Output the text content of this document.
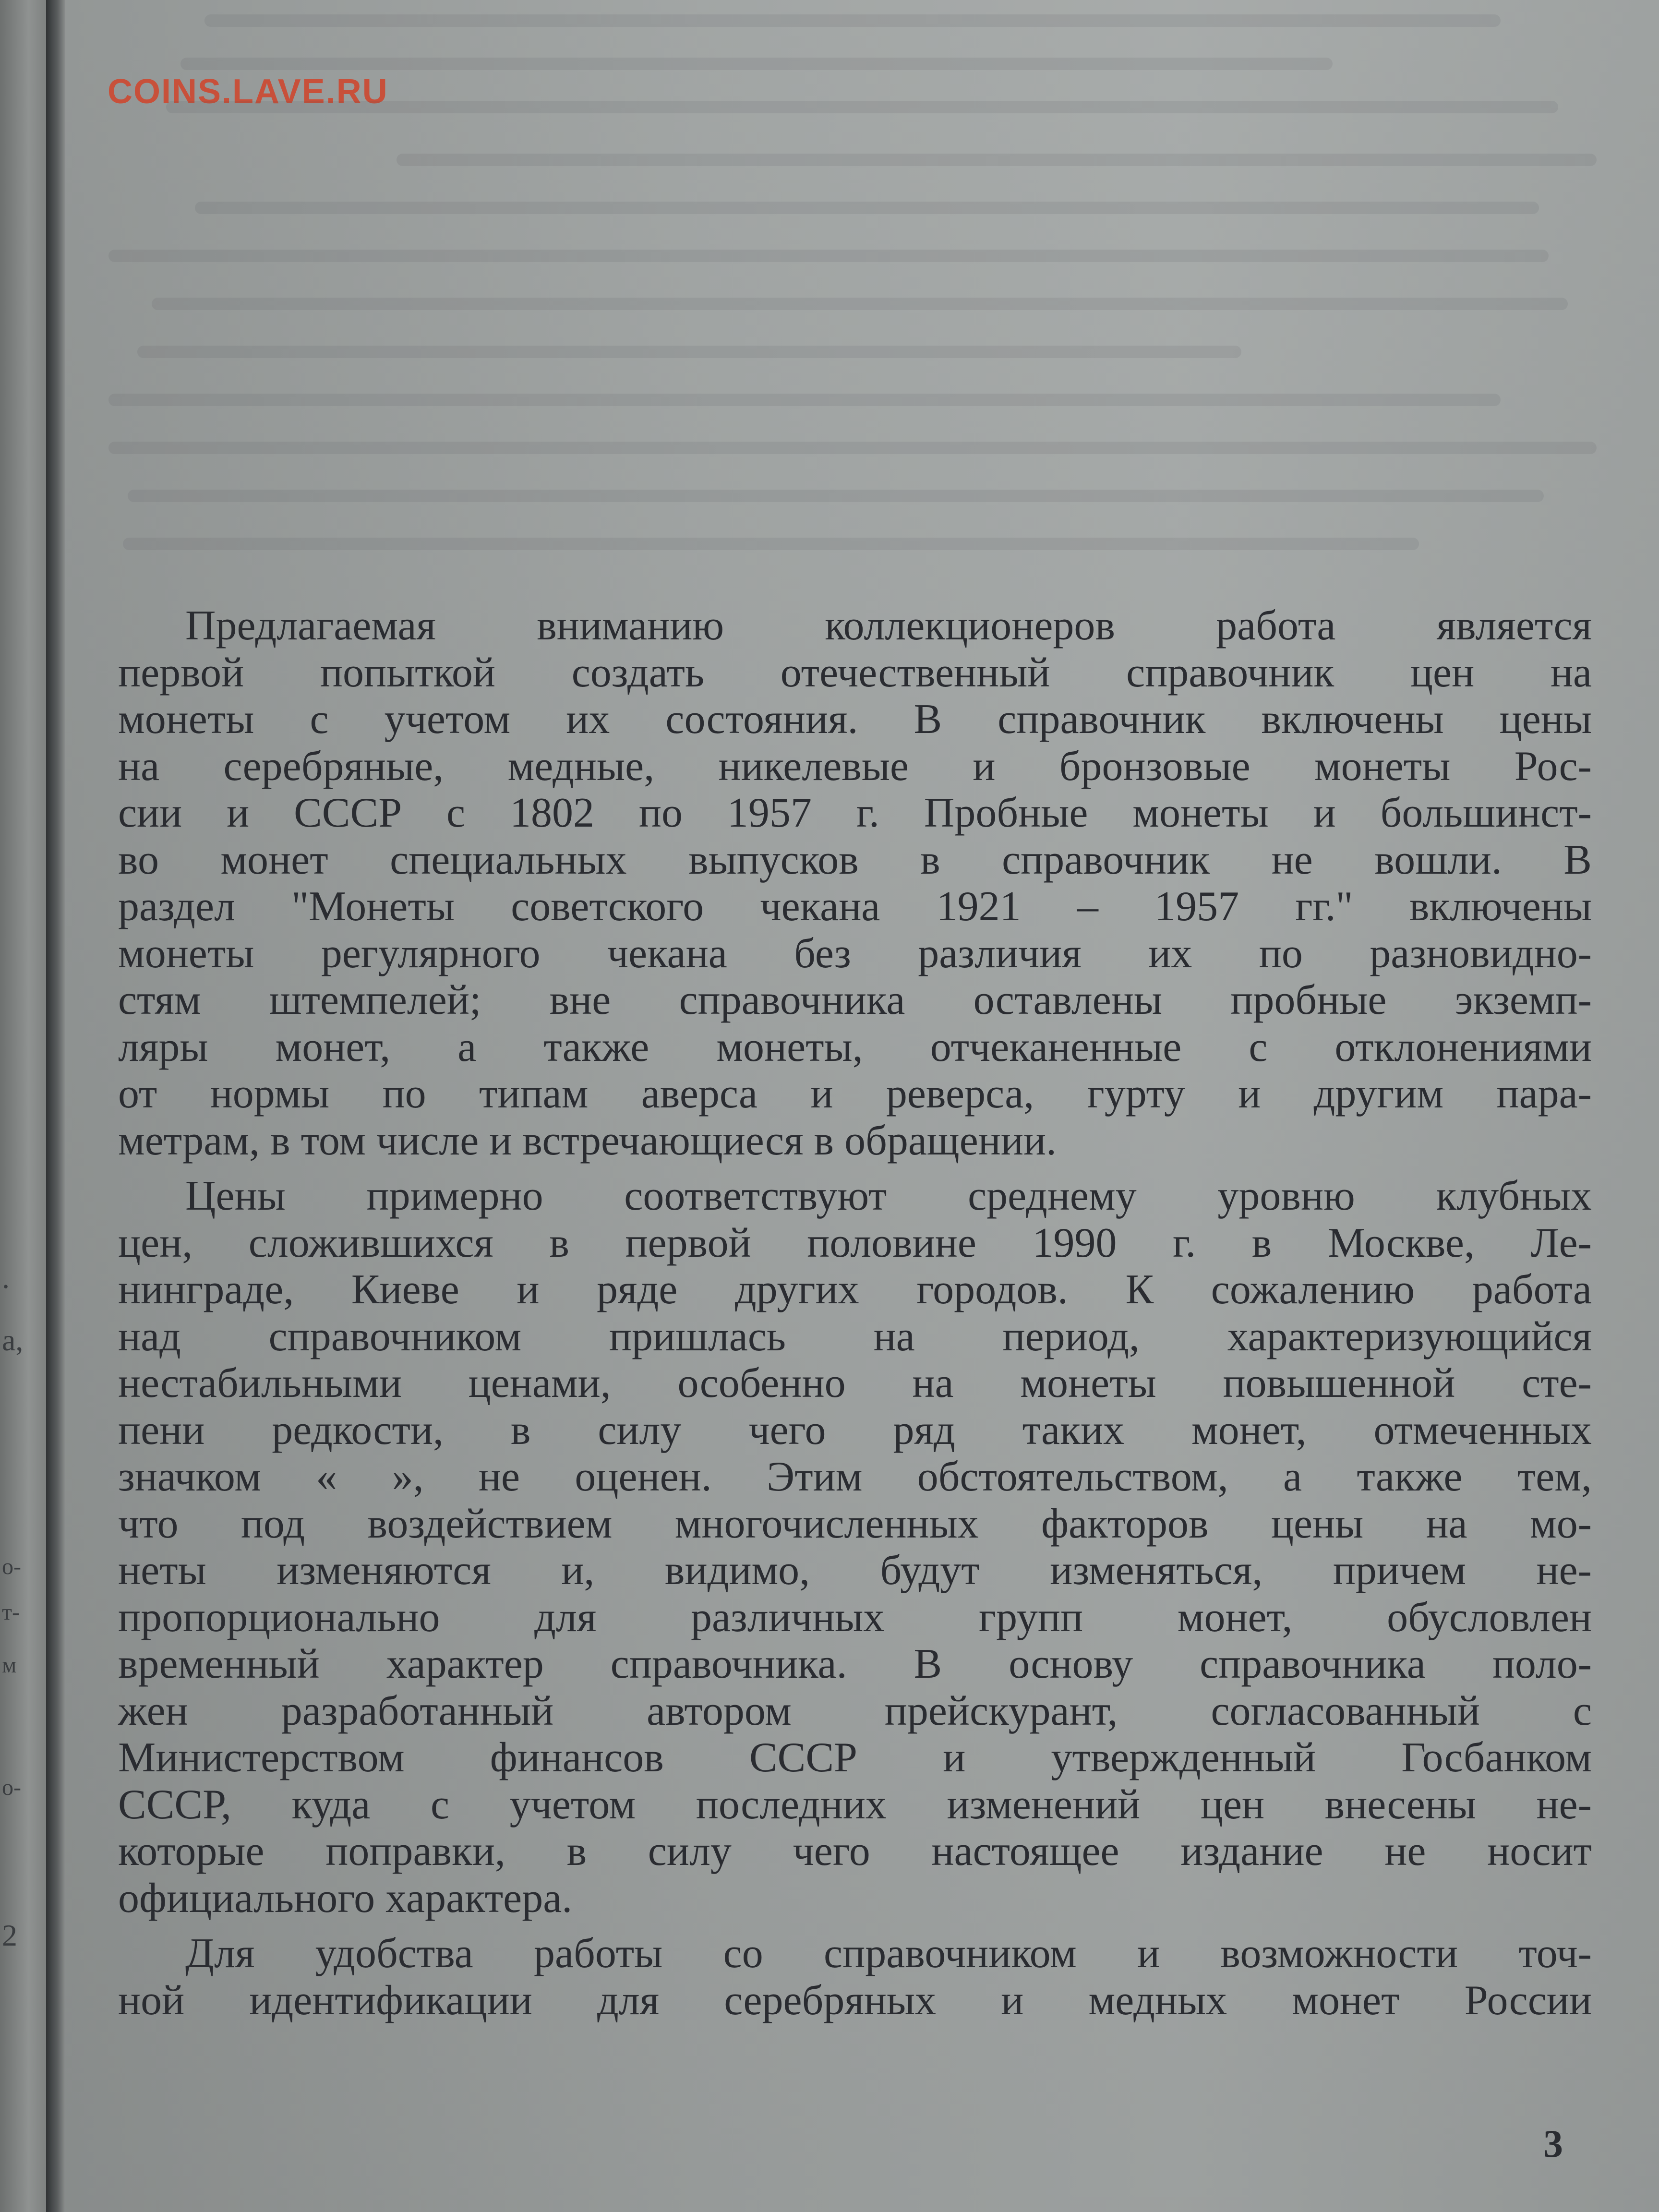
.
а,
о-
т-
м
о-
2
COINS.LAVE.RU

Предлагаемая вниманию коллекционеров работа является
первой попыткой создать отечественный справочник цен на
монеты с учетом их состояния. В справочник включены цены
на серебряные, медные, никелевые и бронзовые монеты Рос-
сии и СССР с 1802 по 1957 г. Пробные монеты и большинст-
во монет специальных выпусков в справочник не вошли. В
раздел "Монеты советского чекана 1921 – 1957 гг." включены
монеты регулярного чекана без различия их по разновидно-
стям штемпелей; вне справочника оставлены пробные экземп-
ляры монет, а также монеты, отчеканенные с отклонениями
от нормы по типам аверса и реверса, гурту и другим пара-
метрам, в том числе и встречающиеся в обращении.

Цены примерно соответствуют среднему уровню клубных
цен, сложившихся в первой половине 1990 г. в Москве, Ле-
нинграде, Киеве и ряде других городов. К сожалению работа
над справочником пришлась на период, характеризующийся
нестабильными ценами, особенно на монеты повышенной сте-
пени редкости, в силу чего ряд таких монет, отмеченных
значком « », не оценен. Этим обстоятельством, а также тем,
что под воздействием многочисленных факторов цены на мо-
неты изменяются и, видимо, будут изменяться, причем не-
пропорционально для различных групп монет, обусловлен
временный характер справочника. В основу справочника поло-
жен разработанный автором прейскурант, согласованный с
Министерством финансов СССР и утвержденный Госбанком
СССР, куда с учетом последних изменений цен внесены не-
которые поправки, в силу чего настоящее издание не носит
официального характера.

Для удобства работы со справочником и возможности точ-
ной идентификации для серебряных и медных монет России

3
